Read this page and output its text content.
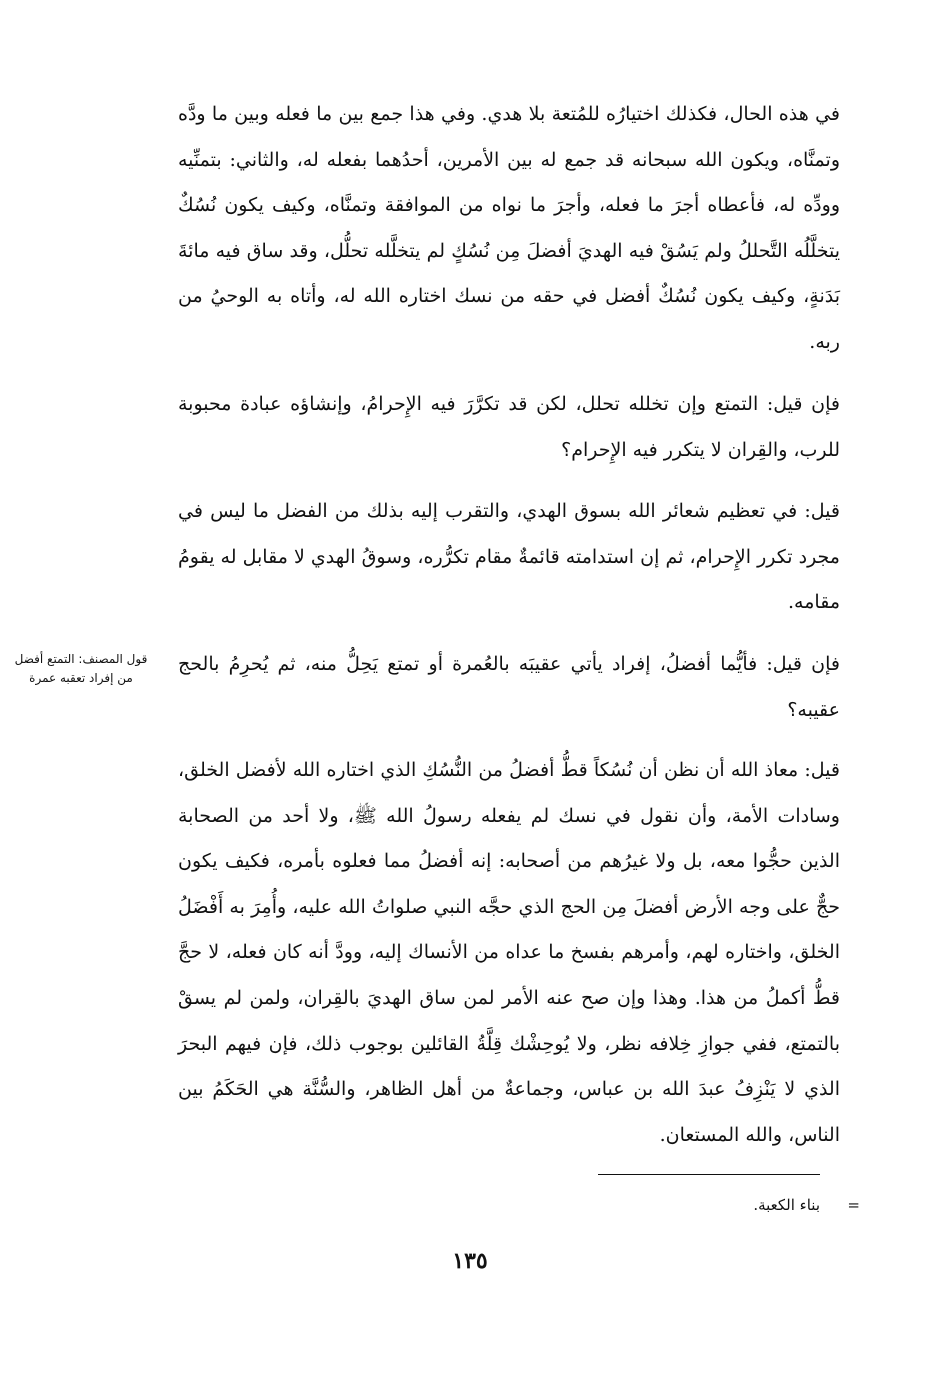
في هذه الحال، فكذلك اختيارُه للمُتعة بلا هدي. وفي هذا جمع بين ما فعله وبين ما ودَّه وتمنَّاه، ويكون الله سبحانه قد جمع له بين الأمرين، أحدُهما بفعله له، والثاني: بتمنِّيه وودِّه له، فأعطاه أجرَ ما فعله، وأجرَ ما نواه من الموافقة وتمنَّاه، وكيف يكون نُسُكٌ يتخلَّلُه التَّحللُ ولم يَسُقْ فيه الهديَ أفضلَ مِن نُسُكٍ لم يتخلَّله تحلُّل، وقد ساق فيه مائةَ بَدَنةٍ، وكيف يكون نُسُكٌ أفضل في حقه من نسك اختاره الله له، وأتاه به الوحيُ من ربه.

فإن قيل: التمتع وإن تخلله تحلل، لكن قد تكرَّرَ فيه الإِحرامُ، وإنشاؤه عبادة محبوبة للرب، والقِران لا يتكرر فيه الإِحرام؟

قيل: في تعظيم شعائر الله بسوق الهدي، والتقرب إليه بذلك من الفضل ما ليس في مجرد تكرر الإِحرام، ثم إن استدامته قائمةٌ مقام تكرُّره، وسوقُ الهدي لا مقابل له يقومُ مقامه.

فإن قيل: فأيُّما أفضلُ، إفراد يأتي عقيبَه بالعُمرة أو تمتع يَحِلُّ منه، ثم يُحرِمُ بالحج عقيبه؟

قيل: معاذ الله أن نظن أن نُسُكاً قطُّ أفضلُ من النُّسُكِ الذي اختاره الله لأفضل الخلق، وسادات الأمة، وأن نقول في نسك لم يفعله رسولُ الله ﷺ، ولا أحد من الصحابة الذين حجُّوا معه، بل ولا غيرُهم من أصحابه: إنه أفضلُ مما فعلوه بأمره، فكيف يكون حجٌّ على وجه الأرض أفضلَ مِن الحج الذي حجَّه النبي صلواتُ الله عليه، وأُمِرَ به أَفْضَلُ الخلق، واختاره لهم، وأمرهم بفسخ ما عداه من الأنساك إليه، وودَّ أنه كان فعله، لا حجَّ قطُّ أكملُ من هذا. وهذا وإن صح عنه الأمر لمن ساق الهديَ بالقِران، ولمن لم يسقْ بالتمتع، ففي جوازِ خِلافه نظر، ولا يُوحِشْك قِلَّةُ القائلين بوجوب ذلك، فإن فيهم البحرَ الذي لا يَنْزِفُ عبدَ الله بن عباس، وجماعةٌ من أهل الظاهر، والسُّنَّة هي الحَكَمُ بين الناس، والله المستعان.

قول المصنف: التمتع أفضل من إفراد تعقبه عمرة
=
بناء الكعبة.
١٣٥
